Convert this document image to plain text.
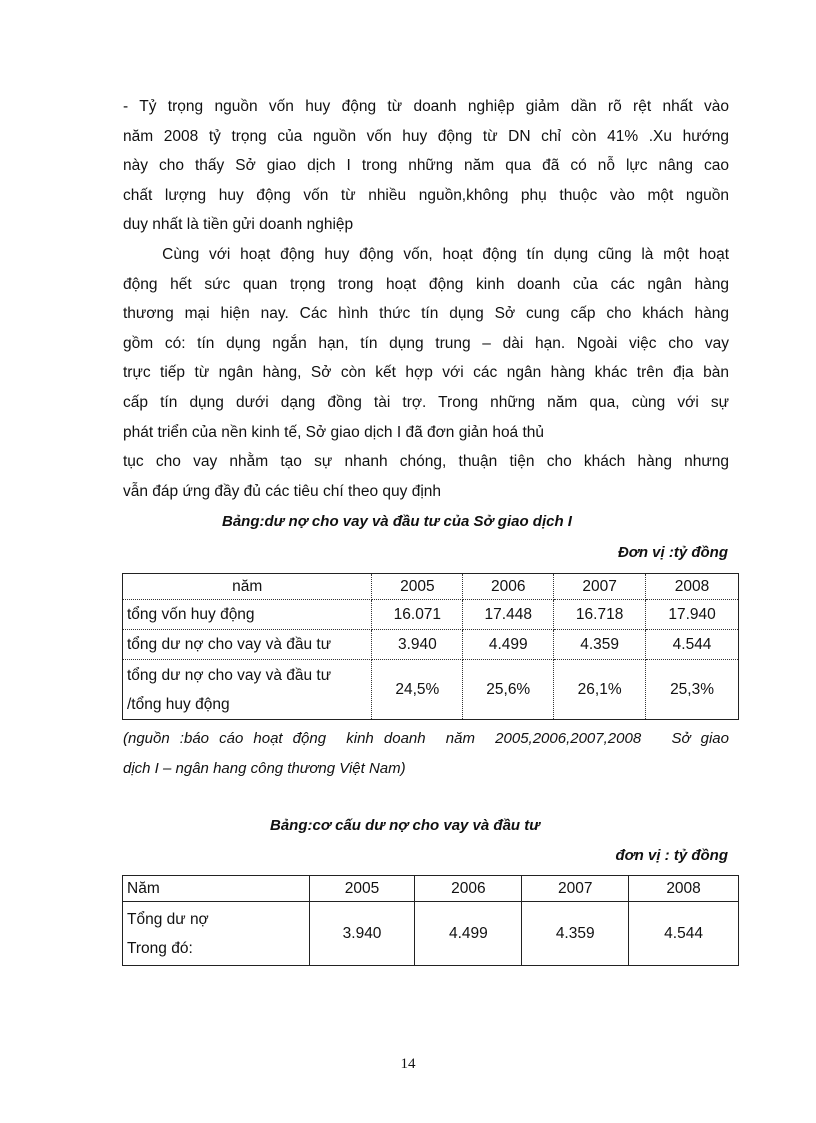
- Tỷ trọng nguồn vốn huy động từ doanh nghiệp giảm dần rõ rệt nhất vào
năm 2008 tỷ trọng của nguồn vốn huy động từ DN chỉ còn 41% .Xu hướng
này cho thấy Sở giao dịch I trong những năm qua đã có nỗ lực nâng cao
chất lượng huy động vốn từ nhiều nguồn,không phụ thuộc vào một nguồn
duy nhất là tiền gửi doanh nghiệp
Cùng với hoạt động huy động vốn, hoạt động tín dụng cũng là một hoạt
động hết sức quan trọng trong hoạt động kinh doanh của các ngân hàng
thương mại hiện nay. Các hình thức tín dụng Sở cung cấp cho khách hàng
gồm có: tín dụng ngắn hạn, tín dụng trung – dài hạn. Ngoài việc cho vay
trực tiếp từ ngân hàng, Sở còn kết hợp với các ngân hàng khác trên địa bàn
cấp tín dụng dưới dạng đồng tài trợ. Trong những năm qua, cùng với sự
phát triển của nền kinh tế, Sở giao dịch I đã đơn giản hoá thủ
tục cho vay nhằm tạo sự nhanh chóng, thuận tiện cho khách hàng nhưng
vẫn đáp ứng đầy đủ các tiêu chí theo quy định
Bảng:dư nợ cho vay và đầu tư của Sở giao dịch I
Đơn vị :tỷ đồng
năm	2005	2006	2007	2008
tổng vốn huy động	16.071	17.448	16.718	17.940
tổng dư nợ cho vay và đầu tư	3.940	4.499	4.359	4.544

tổng dư nợ cho vay và đầu tư
/tổng huy động	24,5%	25,6%	26,1%	25,3%
(nguồn :báo cáo hoạt động  kinh doanh  năm  2005,2006,2007,2008   Sở giao
dịch I – ngân hang công thương Việt Nam)
Bảng:cơ cấu dư nợ cho vay và đầu tư
đơn vị : tỷ đồng
Năm	2005	2006	2007	2008

Tổng dư nợ
Trong đó:	3.940	4.499	4.359	4.544
14
